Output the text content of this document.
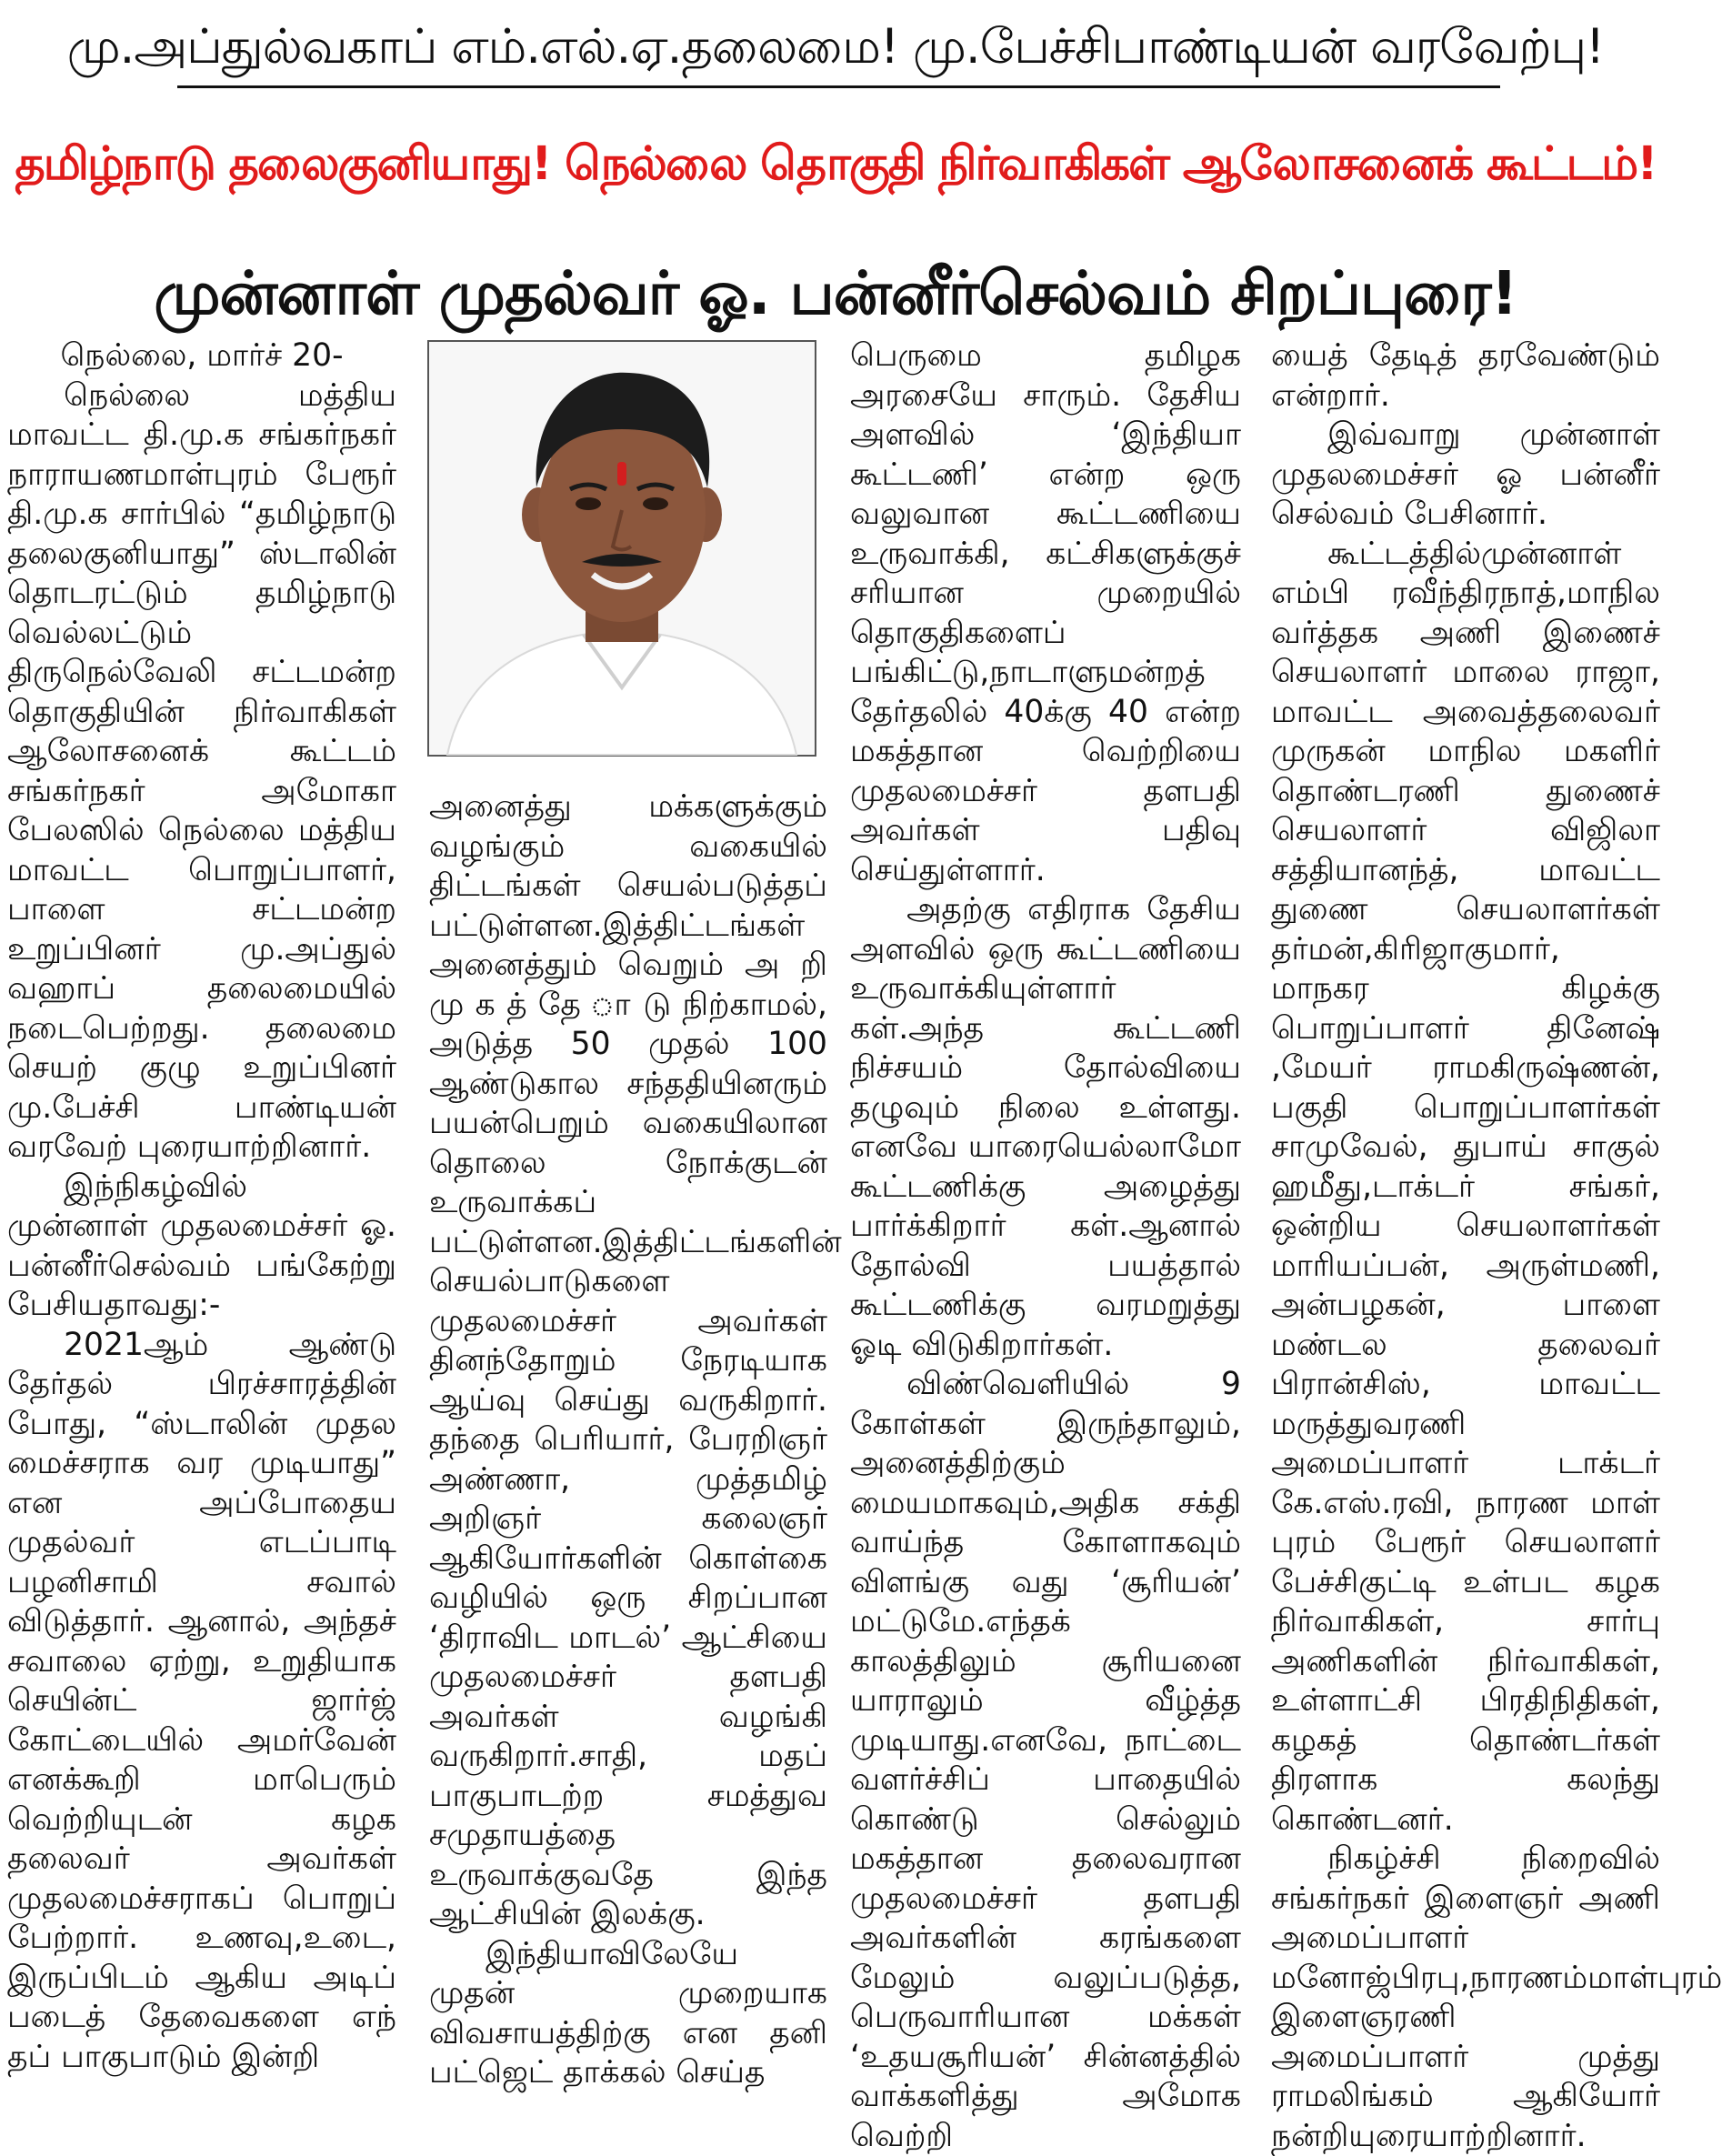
மு.அப்துல்வகாப் எம்.எல்.ஏ.தலைமை! மு.பேச்சிபாண்டியன் வரவேற்பு!
தமிழ்நாடு தலைகுனியாது! நெல்லை தொகுதி நிர்வாகிகள் ஆலோசனைக் கூட்டம்!
முன்னாள் முதல்வர் ஓ. பன்னீர்செல்வம் சிறப்புரை!

நெல்லை, மார்ச் 20-

நெல்லை மத்திய மாவட்ட தி.மு.க சங்கர்நகர் நாராயணமாள்புரம் பேரூர் தி.மு.க சார்பில் “தமிழ்நாடு தலைகுனியாது” ஸ்டாலின் தொடரட்டும் தமிழ்நாடு வெல்லட்டும் திருநெல்வேலி சட்டமன்ற தொகுதியின் நிர்வாகிகள் ஆலோசனைக் கூட்டம் சங்கர்நகர் அமோகா பேலஸில் நெல்லை மத்திய மாவட்ட பொறுப்பாளர், பாளை சட்டமன்ற உறுப்பினர் மு.அப்துல் வஹாப் தலைமையில் நடைபெற்றது. தலைமை செயற் குழு உறுப்பினர் மு.பேச்சி பாண்டியன் வரவேற் புரையாற்றினார்.

இந்நிகழ்வில் முன்னாள் முதலமைச்சர் ஓ. பன்னீர்செல்வம் பங்கேற்று பேசியதாவது:-

2021ஆம் ஆண்டு தேர்தல் பிரச்சாரத்தின் போது, “ஸ்டாலின் முதல மைச்சராக வர முடியாது” என அப்போதைய முதல்வர் எடப்பாடி பழனிசாமி சவால் விடுத்தார். ஆனால், அந்தச் சவாலை ஏற்று, உறுதியாக செயின்ட் ஜார்ஜ் கோட்டையில் அமர்வேன் எனக்கூறி மாபெரும் வெற்றியுடன் கழக தலைவர் அவர்கள் முதலமைச்சராகப் பொறுப் பேற்றார். உணவு,உடை, இருப்பிடம் ஆகிய அடிப் படைத் தேவைகளை எந் தப் பாகுபாடும் இன்றி

அனைத்து மக்களுக்கும் வழங்கும் வகையில் திட்டங்கள் செயல்படுத்தப் பட்டுள்ளன.இத்திட்டங்கள் அனைத்தும் வெறும் அ றி மு க த் தே ா டு நிற்காமல், அடுத்த 50 முதல் 100 ஆண்டுகால சந்ததியினரும் பயன்பெறும் வகையிலான தொலை நோக்குடன் உருவாக்கப் பட்டுள்ளன.இத்திட்டங்களின் செயல்பாடுகளை முதலமைச்சர் அவர்கள் தினந்தோறும் நேரடியாக ஆய்வு செய்து வருகிறார். தந்தை பெரியார், பேரறிஞர் அண்ணா, முத்தமிழ் அறிஞர் கலைஞர் ஆகியோர்களின் கொள்கை வழியில் ஒரு சிறப்பான ‘திராவிட மாடல்’ ஆட்சியை முதலமைச்சர் தளபதி அவர்கள் வழங்கி வருகிறார்.சாதி, மதப் பாகுபாடற்ற சமத்துவ சமுதாயத்தை உருவாக்குவதே இந்த ஆட்சியின் இலக்கு.

இந்தியாவிலேயே முதன் முறையாக விவசாயத்திற்கு என தனி பட்ஜெட் தாக்கல் செய்த

பெருமை தமிழக அரசையே சாரும். தேசிய அளவில் ‘இந்தியா கூட்டணி’ என்ற ஒரு வலுவான கூட்டணியை உருவாக்கி, கட்சிகளுக்குச் சரியான முறையில் தொகுதிகளைப் பங்கிட்டு,நாடாளுமன்றத் தேர்தலில் 40க்கு 40 என்ற மகத்தான வெற்றியை முதலமைச்சர் தளபதி அவர்கள் பதிவு செய்துள்ளார்.

அதற்கு எதிராக தேசிய அளவில் ஒரு கூட்டணியை உருவாக்கியுள்ளார் கள்.அந்த கூட்டணி நிச்சயம் தோல்வியை தழுவும் நிலை உள்ளது. எனவே யாரையெல்லாமோ கூட்டணிக்கு அழைத்து பார்க்கிறார் கள்.ஆனால் தோல்வி பயத்தால் கூட்டணிக்கு வரமறுத்து ஓடி விடுகிறார்கள்.

விண்வெளியில் 9 கோள்கள் இருந்தாலும், அனைத்திற்கும் மையமாகவும்,அதிக சக்தி வாய்ந்த கோளாகவும் விளங்கு வது ‘சூரியன்’ மட்டுமே.எந்தக் காலத்திலும் சூரியனை யாராலும் வீழ்த்த முடியாது.எனவே, நாட்டை வளர்ச்சிப் பாதையில் கொண்டு செல்லும் மகத்தான தலைவரான முதலமைச்சர் தளபதி அவர்களின் கரங்களை மேலும் வலுப்படுத்த, பெருவாரியான மக்கள் ‘உதயசூரியன்’ சின்னத்தில் வாக்களித்து அமோக வெற்றி

யைத் தேடித் தரவேண்டும் என்றார்.

இவ்வாறு முன்னாள் முதலமைச்சர் ஓ பன்னீர் செல்வம் பேசினார்.

கூட்டத்தில்முன்னாள் எம்பி ரவீந்திரநாத்,மாநில வர்த்தக அணி இணைச் செயலாளர் மாலை ராஜா, மாவட்ட அவைத்தலைவர் முருகன் மாநில மகளிர் தொண்டரணி துணைச் செயலாளர் விஜிலா சத்தியானந்த், மாவட்ட துணை செயலாளர்கள் தர்மன்,கிரிஜாகுமார், மாநகர கிழக்கு பொறுப்பாளர் தினேஷ் ,மேயர் ராமகிருஷ்ணன், பகுதி பொறுப்பாளர்கள் சாமுவேல், துபாய் சாகுல் ஹமீது,டாக்டர் சங்கர், ஒன்றிய செயலாளர்கள் மாரியப்பன், அருள்மணி, அன்பழகன், பாளை மண்டல தலைவர் பிரான்சிஸ், மாவட்ட மருத்துவரணி அமைப்பாளர் டாக்டர் கே.எஸ்.ரவி, நாரண மாள் புரம் பேரூர் செயலாளர் பேச்சிகுட்டி உள்பட கழக நிர்வாகிகள், சார்பு அணிகளின் நிர்வாகிகள், உள்ளாட்சி பிரதிநிதிகள், கழகத் தொண்டர்கள் திரளாக கலந்து கொண்டனர்.

நிகழ்ச்சி நிறைவில் சங்கர்நகர் இளைஞர் அணி அமைப்பாளர் மனோஜ்பிரபு,நாரணம்மாள்புரம் இளைஞரணி அமைப்பாளர் முத்து ராமலிங்கம் ஆகியோர் நன்றியுரையாற்றினார்.
